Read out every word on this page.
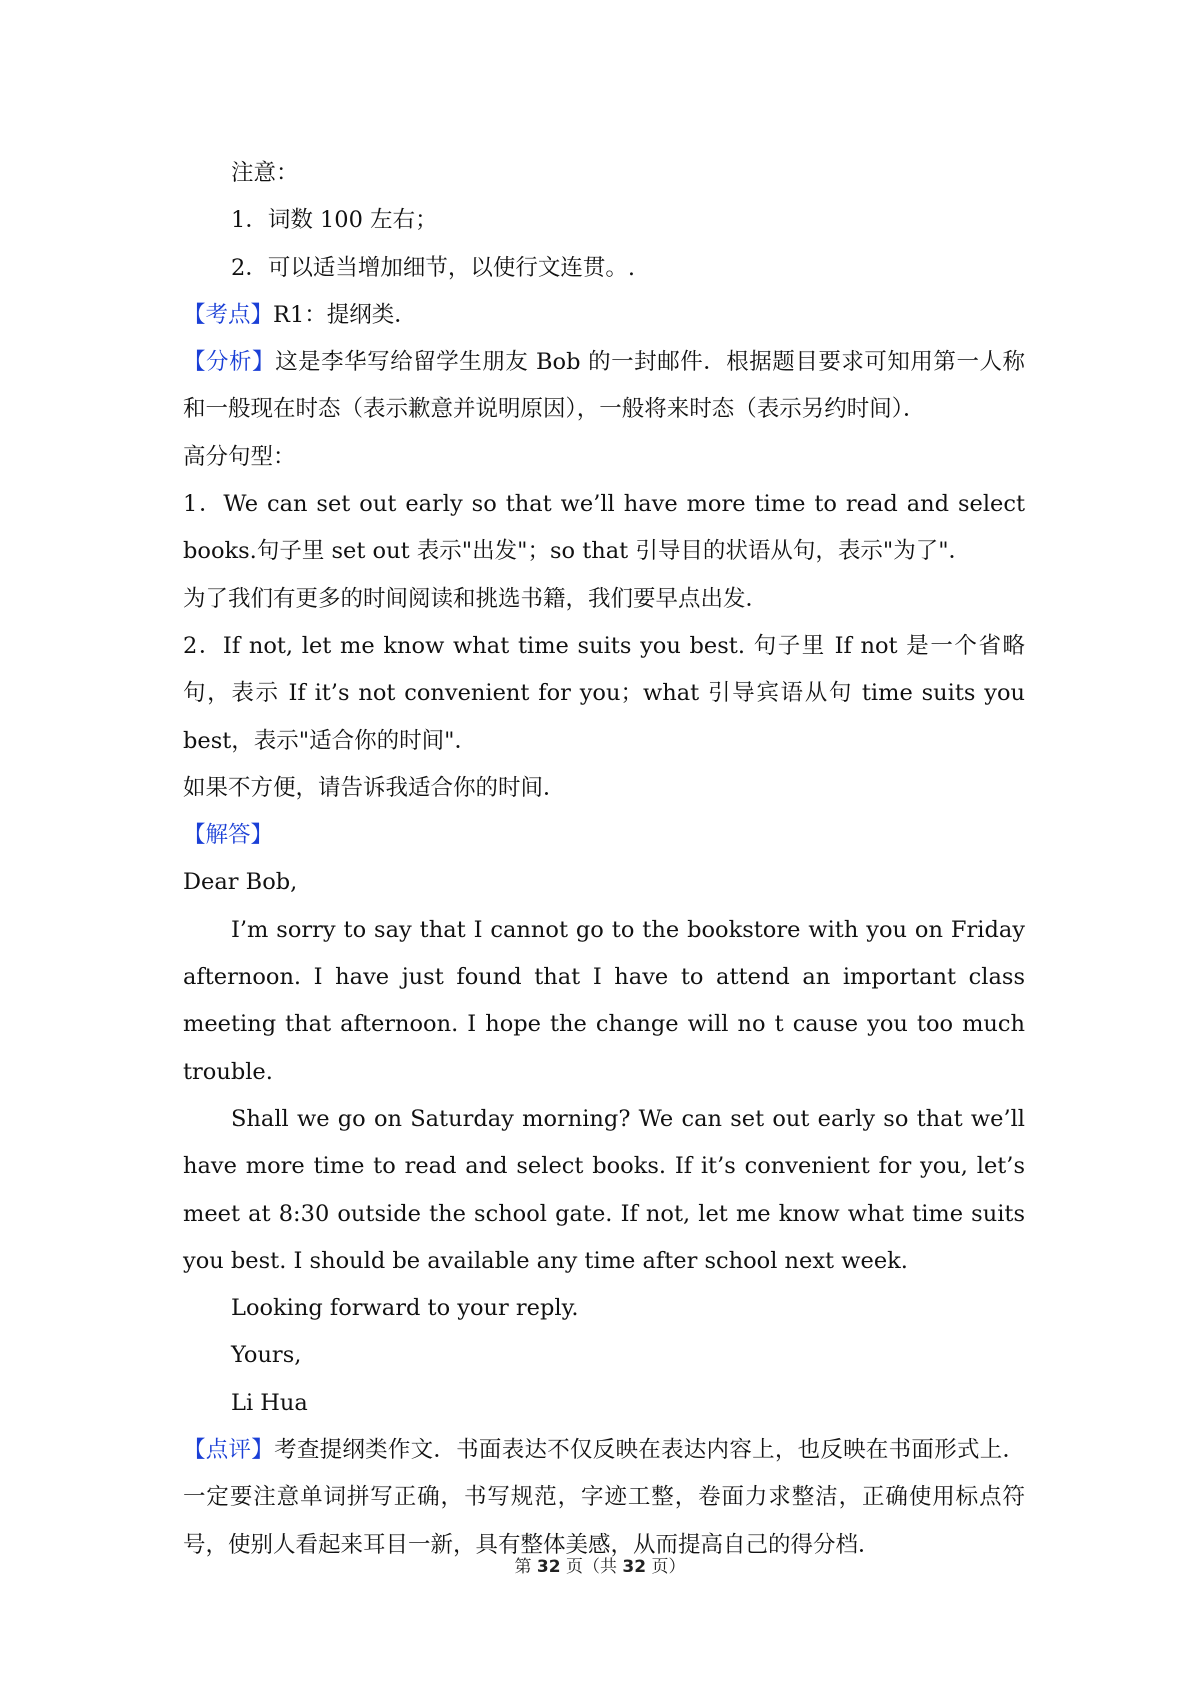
注意：

1．词数 100 左右；

2．可以适当增加细节，以使行文连贯。.

【考点】R1：提纲类．

【分析】这是李华写给留学生朋友 Bob 的一封邮件．根据题目要求可知用第一人称和一般现在时态（表示歉意并说明原因），一般将来时态（表示另约时间）．

高分句型：

1．We can set out early so that we’ll have more time to read and select books.句子里 set out 表示"出发"；so that 引导目的状语从句，表示"为了"．

为了我们有更多的时间阅读和挑选书籍，我们要早点出发．

2．If not, let me know what time suits you best. 句子里 If not 是一个省略句，表示 If it’s not convenient for you；what 引导宾语从句 time suits you best，表示"适合你的时间"．

如果不方便，请告诉我适合你的时间．

【解答】

Dear Bob,

I’m sorry to say that I cannot go to the bookstore with you on Friday afternoon. I have just found that I have to attend an important class meeting that afternoon. I hope the change will no t cause you too much trouble.

Shall we go on Saturday morning? We can set out early so that we’ll have more time to read and select books. If it’s convenient for you, let’s meet at 8:30 outside the school gate. If not, let me know what time suits you best. I should be available any time after school next week.

Looking forward to your reply.

Yours,

Li Hua

【点评】考查提纲类作文．书面表达不仅反映在表达内容上，也反映在书面形式上．一定要注意单词拼写正确，书写规范，字迹工整，卷面力求整洁，正确使用标点符号，使别人看起来耳目一新，具有整体美感，从而提高自己的得分档．

第 32 页（共 32 页）
